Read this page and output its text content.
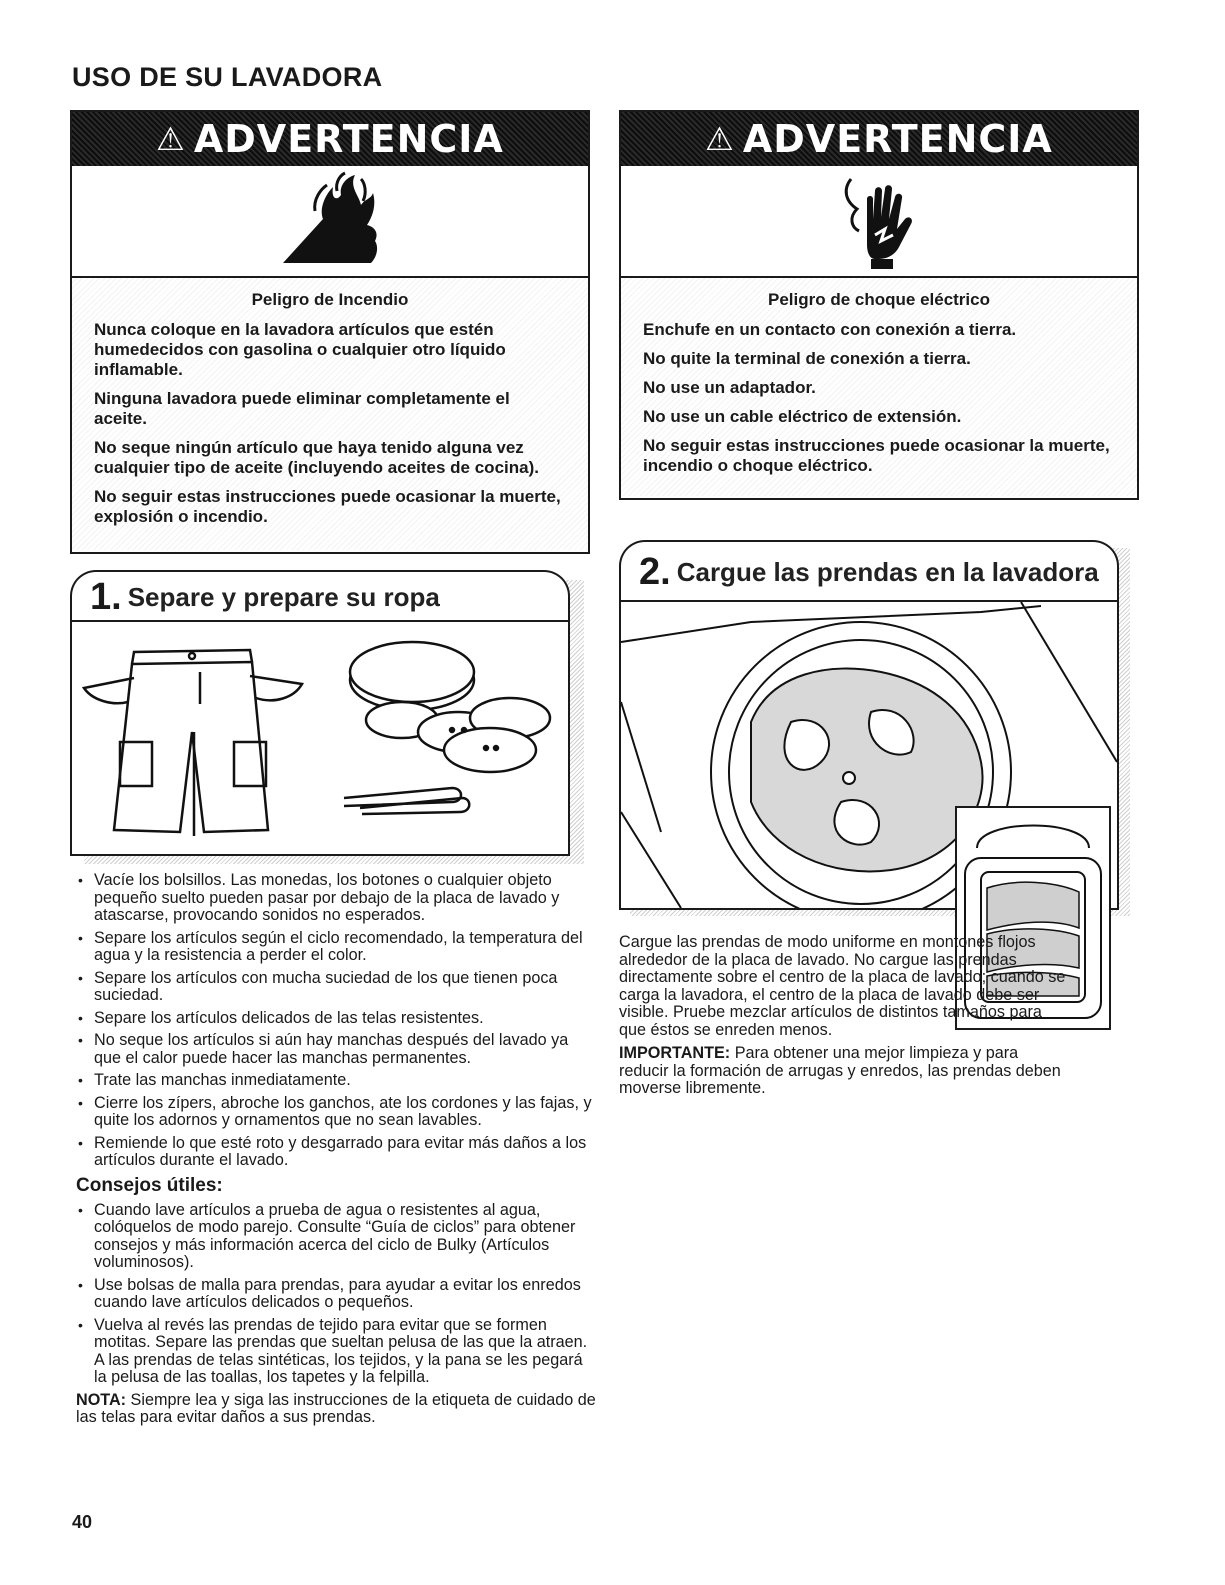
USO DE SU LAVADORA
⚠ ADVERTENCIA
Peligro de Incendio

Nunca coloque en la lavadora artículos que estén humedecidos con gasolina o cualquier otro líquido inflamable.

Ninguna lavadora puede eliminar completamente el aceite.

No seque ningún artículo que haya tenido alguna vez cualquier tipo de aceite (incluyendo aceites de cocina).

No seguir estas instrucciones puede ocasionar la muerte, explosión o incendio.

⚠ ADVERTENCIA
Peligro de choque eléctrico

Enchufe en un contacto con conexión a tierra.

No quite la terminal de conexión a tierra.

No use un adaptador.

No use un cable eléctrico de extensión.

No seguir estas instrucciones puede ocasionar la muerte, incendio o choque eléctrico.

1. Separe y prepare su ropa
• Vacíe los bolsillos. Las monedas, los botones o cualquier objeto pequeño suelto pueden pasar por debajo de la placa de lavado y atascarse, provocando sonidos no esperados.
• Separe los artículos según el ciclo recomendado, la temperatura del agua y la resistencia a perder el color.
• Separe los artículos con mucha suciedad de los que tienen poca suciedad.
• Separe los artículos delicados de las telas resistentes.
• No seque los artículos si aún hay manchas después del lavado ya que el calor puede hacer las manchas permanentes.
• Trate las manchas inmediatamente.
• Cierre los zípers, abroche los ganchos, ate los cordones y las fajas, y quite los adornos y ornamentos que no sean lavables.
• Remiende lo que esté roto y desgarrado para evitar más daños a los artículos durante el lavado.
Consejos útiles:
• Cuando lave artículos a prueba de agua o resistentes al agua, colóquelos de modo parejo. Consulte “Guía de ciclos” para obtener consejos y más información acerca del ciclo de Bulky (Artículos voluminosos).
• Use bolsas de malla para prendas, para ayudar a evitar los enredos cuando lave artículos delicados o pequeños.
• Vuelva al revés las prendas de tejido para evitar que se formen motitas. Separe las prendas que sueltan pelusa de las que la atraen. A las prendas de telas sintéticas, los tejidos, y la pana se les pegará la pelusa de las toallas, los tapetes y la felpilla.

NOTA: Siempre lea y siga las instrucciones de la etiqueta de cuidado de las telas para evitar daños a sus prendas.

2. Cargue las prendas en la lavadora

Cargue las prendas de modo uniforme en montones flojos alrededor de la placa de lavado. No cargue las prendas directamente sobre el centro de la placa de lavado; cuando se carga la lavadora, el centro de la placa de lavado debe ser visible. Pruebe mezclar artículos de distintos tamaños para que éstos se enreden menos.

IMPORTANTE: Para obtener una mejor limpieza y para reducir la formación de arrugas y enredos, las prendas deben moverse libremente.

40
